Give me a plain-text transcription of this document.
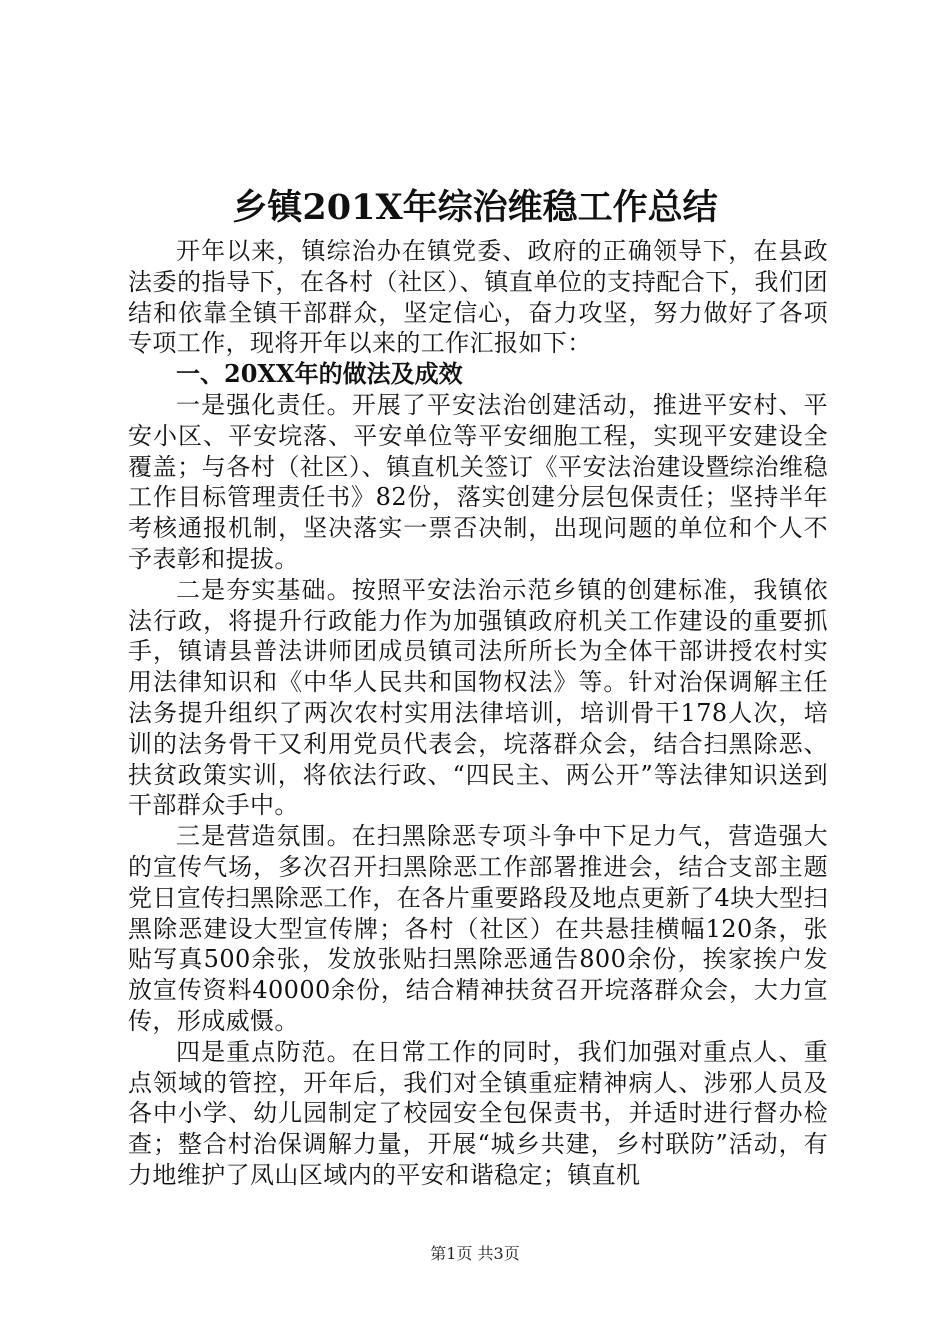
乡镇201X年综治维稳工作总结

开年以来，镇综治办在镇党委、政府的正确领导下，在县政法委的指导下，在各村（社区）、镇直单位的支持配合下，我们团结和依靠全镇干部群众，坚定信心，奋力攻坚，努力做好了各项专项工作，现将开年以来的工作汇报如下：

一、20XX年的做法及成效

一是强化责任。开展了平安法治创建活动，推进平安村、平安小区、平安垸落、平安单位等平安细胞工程，实现平安建设全覆盖；与各村（社区）、镇直机关签订《平安法治建设暨综治维稳工作目标管理责任书》82份，落实创建分层包保责任；坚持半年考核通报机制，坚决落实一票否决制，出现问题的单位和个人不予表彰和提拔。

二是夯实基础。按照平安法治示范乡镇的创建标准，我镇依法行政，将提升行政能力作为加强镇政府机关工作建设的重要抓手，镇请县普法讲师团成员镇司法所所长为全体干部讲授农村实用法律知识和《中华人民共和国物权法》等。针对治保调解主任法务提升组织了两次农村实用法律培训，培训骨干178人次，培训的法务骨干又利用党员代表会，垸落群众会，结合扫黑除恶、扶贫政策实训，将依法行政、“四民主、两公开”等法律知识送到干部群众手中。

三是营造氛围。在扫黑除恶专项斗争中下足力气，营造强大的宣传气场，多次召开扫黑除恶工作部署推进会，结合支部主题党日宣传扫黑除恶工作，在各片重要路段及地点更新了4块大型扫黑除恶建设大型宣传牌；各村（社区）在共悬挂横幅120条，张贴写真500余张，发放张贴扫黑除恶通告800余份，挨家挨户发放宣传资料40000余份，结合精神扶贫召开垸落群众会，大力宣传，形成威慑。

四是重点防范。在日常工作的同时，我们加强对重点人、重点领域的管控，开年后，我们对全镇重症精神病人、涉邪人员及各中小学、幼儿园制定了校园安全包保责书，并适时进行督办检查；整合村治保调解力量，开展“城乡共建，乡村联防”活动，有力地维护了凤山区域内的平安和谐稳定；镇直机

第1页 共3页
